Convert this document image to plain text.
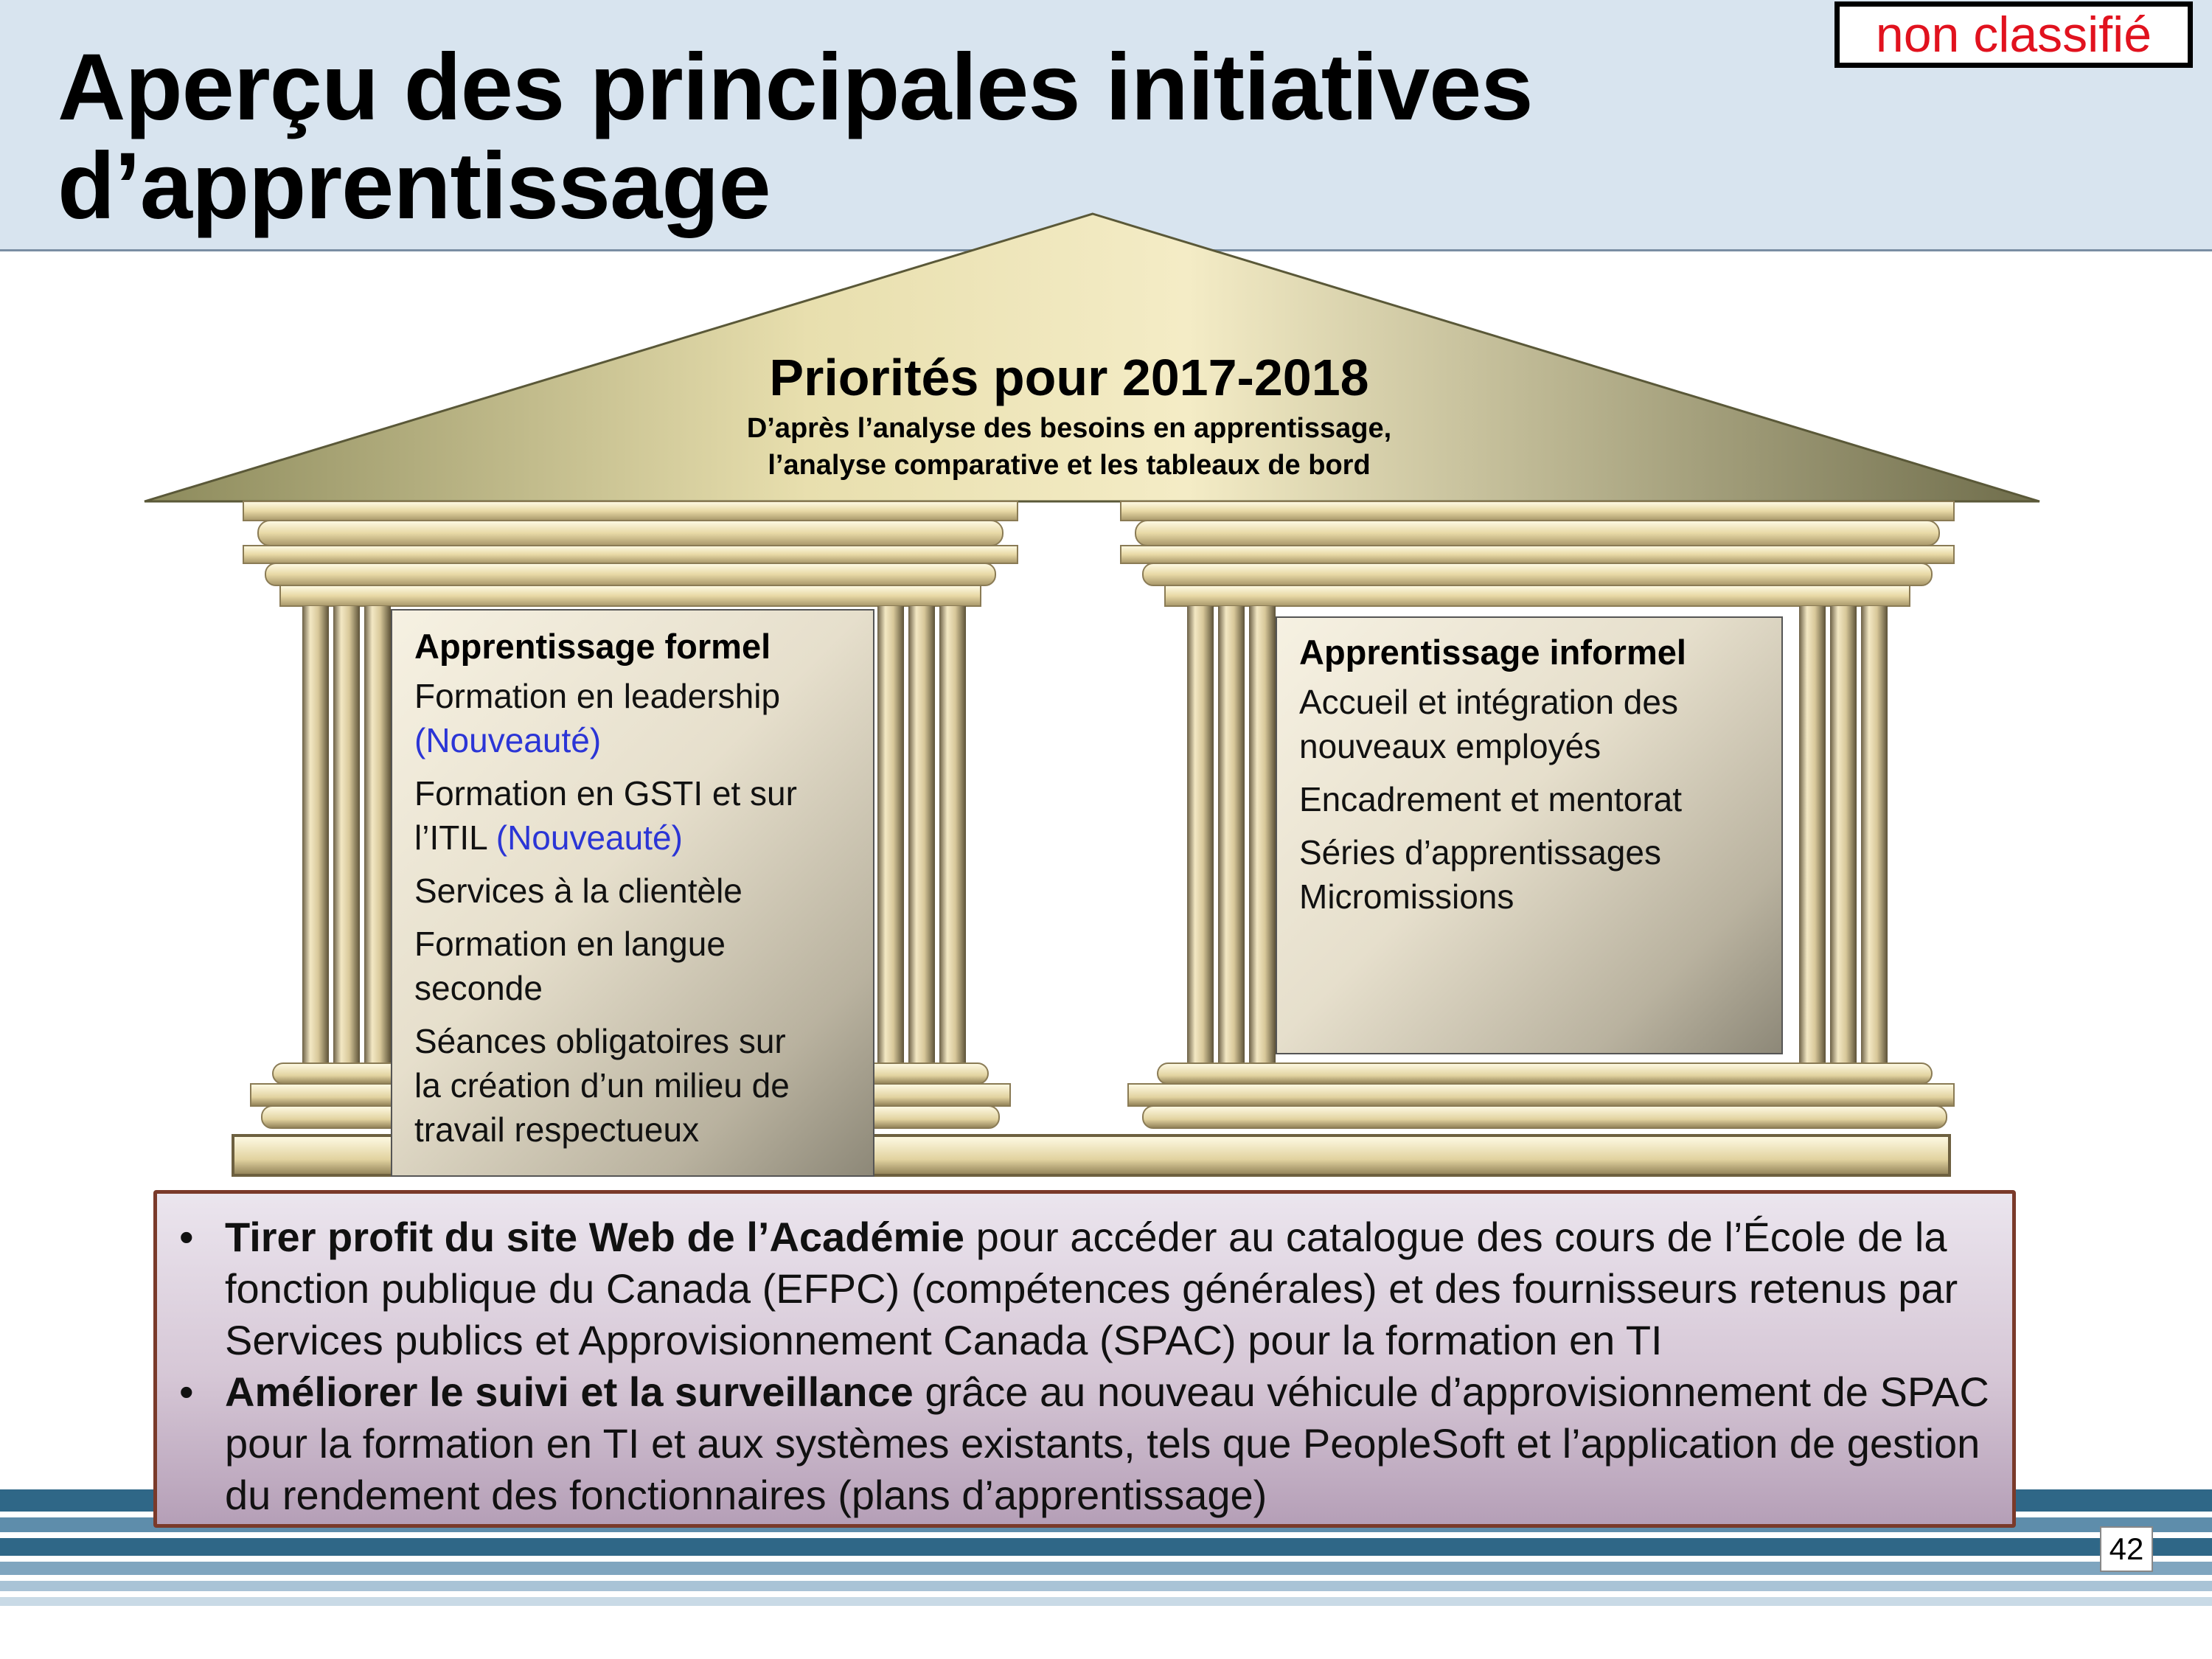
Aperçu des principales initiatives
d’apprentissage
non classifié
Priorités pour 2017-2018
D’après l’analyse des besoins en apprentissage,
l’analyse comparative et les tableaux de bord
Apprentissage formel
Formation en leadership
(Nouveauté)
Formation en GSTI et sur
l’ITIL (Nouveauté)
Services à la clientèle
Formation en langue
seconde
Séances obligatoires sur
la création d’un milieu de
travail respectueux
Apprentissage informel
Accueil et intégration des
nouveaux employés
Encadrement et mentorat
Séries d’apprentissages
Micromissions
• Tirer profit du site Web de l’Académie pour accéder au catalogue des cours de l’École de la fonction publique du Canada (EFPC) (compétences générales) et des fournisseurs retenus par Services publics et Approvisionnement Canada (SPAC) pour la formation en TI
• Améliorer le suivi et la surveillance grâce au nouveau véhicule d’approvisionnement de SPAC pour la formation en TI et aux systèmes existants, tels que PeopleSoft et l’application de gestion du rendement des fonctionnaires (plans d’apprentissage)
42
